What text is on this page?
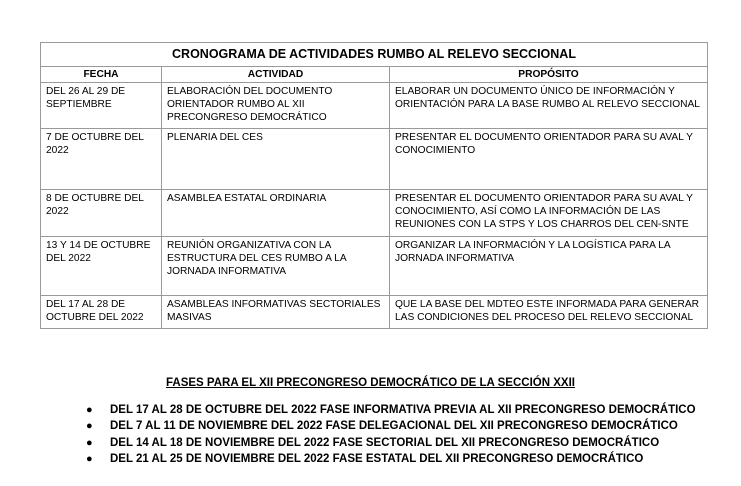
CRONOGRAMA DE ACTIVIDADES RUMBO AL RELEVO SECCIONAL		
FECHA	ACTIVIDAD	PROPÓSITO
DEL 26 AL 29 DE SEPTIEMBRE	ELABORACIÓN DEL DOCUMENTO ORIENTADOR RUMBO AL XII PRECONGRESO DEMOCRÁTICO	ELABORAR UN DOCUMENTO ÚNICO DE INFORMACIÓN Y ORIENTACIÓN PARA LA BASE RUMBO AL RELEVO SECCIONAL
7 DE OCTUBRE DEL 2022	PLENARIA DEL CES	PRESENTAR EL DOCUMENTO ORIENTADOR PARA SU AVAL Y CONOCIMIENTO
8 DE OCTUBRE DEL 2022	ASAMBLEA ESTATAL ORDINARIA	PRESENTAR EL DOCUMENTO ORIENTADOR PARA SU AVAL Y CONOCIMIENTO, ASÍ COMO LA INFORMACIÓN DE LAS REUNIONES CON LA STPS Y LOS CHARROS DEL CEN-SNTE
13 Y 14 DE OCTUBRE DEL 2022	REUNIÓN ORGANIZATIVA CON LA ESTRUCTURA DEL CES RUMBO A LA JORNADA INFORMATIVA	ORGANIZAR LA INFORMACIÓN Y LA LOGÍSTICA PARA LA JORNADA INFORMATIVA
DEL 17 AL 28 DE OCTUBRE DEL 2022	ASAMBLEAS INFORMATIVAS SECTORIALES MASIVAS	QUE LA BASE DEL MDTEO ESTE INFORMADA PARA GENERAR LAS CONDICIONES DEL PROCESO DEL RELEVO SECCIONAL
FASES PARA EL XII PRECONGRESO DEMOCRÁTICO DE LA SECCIÓN XXII
● DEL 17 AL 28 DE OCTUBRE DEL 2022 FASE INFORMATIVA PREVIA AL XII PRECONGRESO DEMOCRÁTICO
● DEL 7 AL 11 DE NOVIEMBRE DEL 2022 FASE DELEGACIONAL DEL XII PRECONGRESO DEMOCRÁTICO
● DEL 14 AL 18 DE NOVIEMBRE DEL 2022 FASE SECTORIAL DEL XII PRECONGRESO DEMOCRÁTICO
● DEL 21 AL 25 DE NOVIEMBRE DEL 2022 FASE ESTATAL DEL XII PRECONGRESO DEMOCRÁTICO
